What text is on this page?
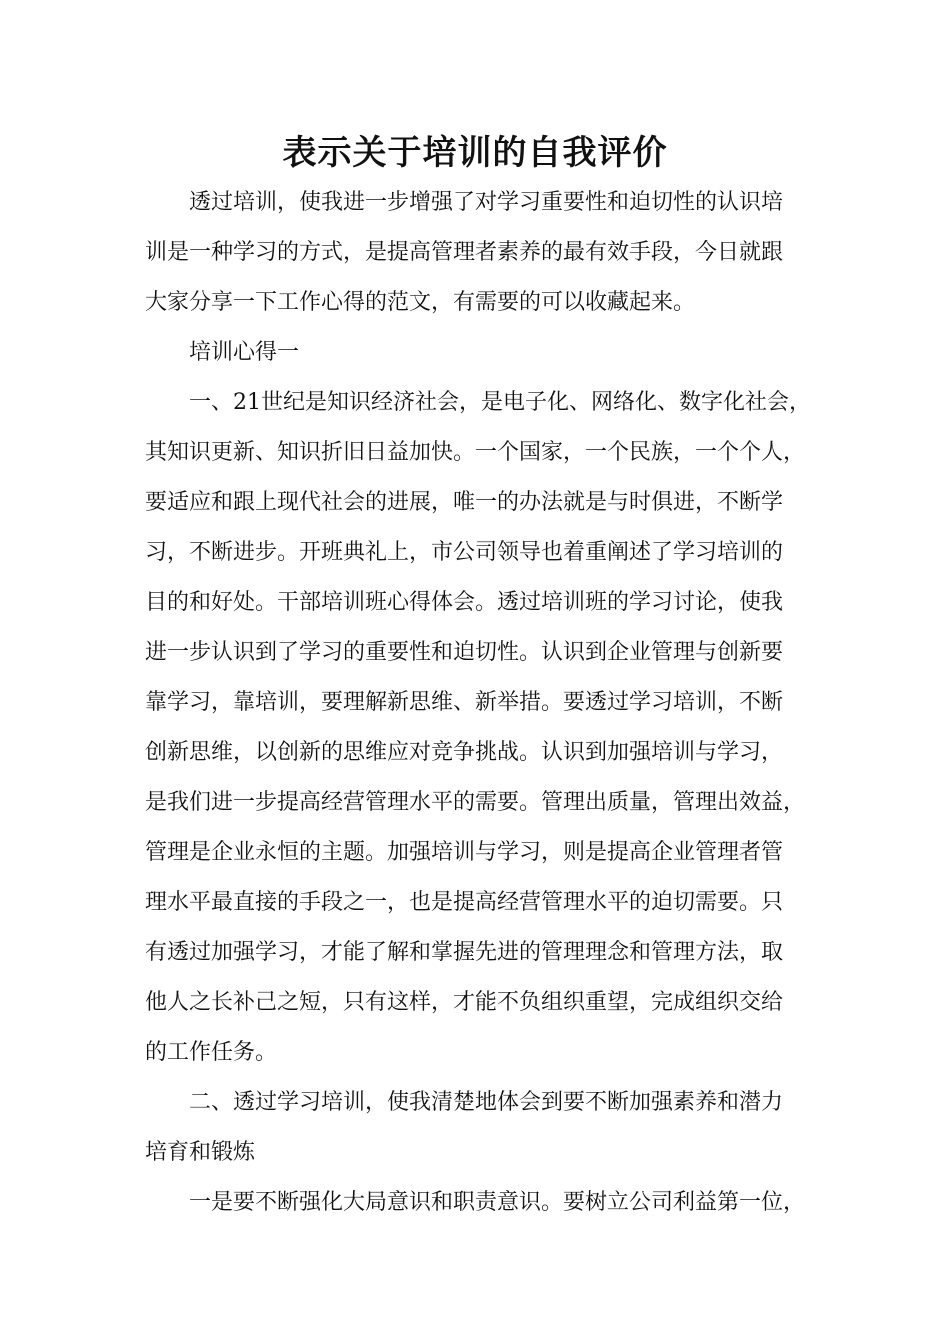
表示关于培训的自我评价
透过培训，使我进一步增强了对学习重要性和迫切性的认识培
训是一种学习的方式，是提高管理者素养的最有效手段，今日就跟
大家分享一下工作心得的范文，有需要的可以收藏起来。
培训心得一
一、21世纪是知识经济社会，是电子化、网络化、数字化社会，
其知识更新、知识折旧日益加快。一个国家，一个民族，一个个人，
要适应和跟上现代社会的进展，唯一的办法就是与时俱进，不断学
习，不断进步。开班典礼上，市公司领导也着重阐述了学习培训的
目的和好处。干部培训班心得体会。透过培训班的学习讨论，使我
进一步认识到了学习的重要性和迫切性。认识到企业管理与创新要
靠学习，靠培训，要理解新思维、新举措。要透过学习培训，不断
创新思维，以创新的思维应对竞争挑战。认识到加强培训与学习，
是我们进一步提高经营管理水平的需要。管理出质量，管理出效益，
管理是企业永恒的主题。加强培训与学习，则是提高企业管理者管
理水平最直接的手段之一，也是提高经营管理水平的迫切需要。只
有透过加强学习，才能了解和掌握先进的管理理念和管理方法，取
他人之长补己之短，只有这样，才能不负组织重望，完成组织交给
的工作任务。
二、透过学习培训，使我清楚地体会到要不断加强素养和潜力
培育和锻炼
一是要不断强化大局意识和职责意识。要树立公司利益第一位，
